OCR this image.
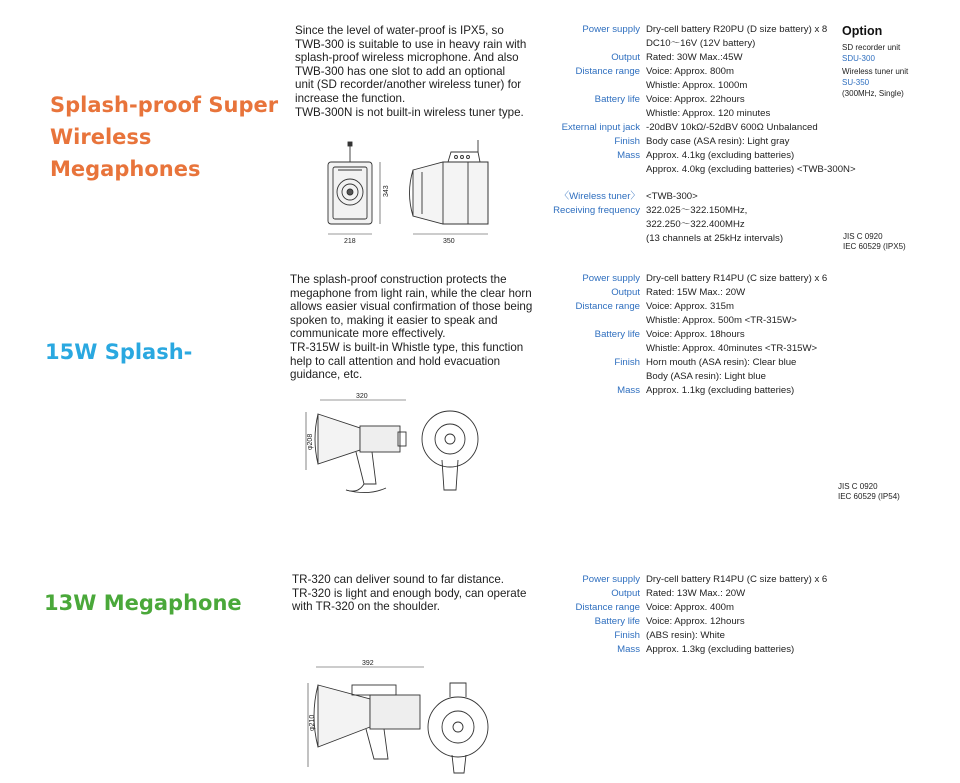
Splash-proof Super
Wireless
Megaphones
Since the level of water-proof is IPX5, so
TWB-300 is suitable to use in heavy rain with
splash-proof wireless microphone. And also
TWB-300 has one slot to add an optional
unit (SD recorder/another wireless tuner) for
increase the function.
TWB-300N is not built-in wireless tuner type.
218	350
343
Power supply Dry-cell battery R20PU (D size battery) x 8
DC10～16V (12V battery)
Output Rated: 30W Max.:45W
Distance range Voice: Approx. 800m
Whistle: Approx. 1000m
Battery life Voice: Approx. 22hours
Whistle: Approx. 120 minutes
External input jack -20dBV 10kΩ/-52dBV 600Ω Unbalanced
Finish Body case (ASA resin): Light gray
Mass Approx. 4.1kg (excluding batteries)
Approx. 4.0kg (excluding batteries) <TWB-300N>
〈Wireless tuner〉 <TWB-300>
Receiving frequency 322.025～322.150MHz,
322.250～322.400MHz
(13 channels at 25kHz intervals)
Option
SD recorder unit
SDU-300
Wireless tuner unit
SU-350
(300MHz, Single)
JIS C 0920
IEC 60529 (IPX5)
15W Splash-
The splash-proof construction protects the
megaphone from light rain, while the clear horn
allows easier visual confirmation of those being
spoken to, making it easier to speak and
communicate more effectively.
TR-315W is built-in Whistle type, this function
help to call attention and hold evacuation
guidance, etc.
320
φ208
Power supply Dry-cell battery R14PU (C size battery) x 6
Output Rated: 15W Max.: 20W
Distance range Voice: Approx. 315m
Whistle: Approx. 500m <TR-315W>
Battery life Voice: Approx. 18hours
Whistle: Approx. 40minutes <TR-315W>
Finish Horn mouth (ASA resin): Clear blue
Body (ASA resin): Light blue
Mass Approx. 1.1kg (excluding batteries)
JIS C 0920
IEC 60529 (IP54)
13W Megaphone
TR-320 can deliver sound to far distance.
TR-320 is light and enough body, can operate
with TR-320 on the shoulder.
392
φ210
Power supply Dry-cell battery R14PU (C size battery) x 6
Output Rated: 13W Max.: 20W
Distance range Voice: Approx. 400m
Battery life Voice: Approx. 12hours
Finish (ABS resin): White
Mass Approx. 1.3kg (excluding batteries)
